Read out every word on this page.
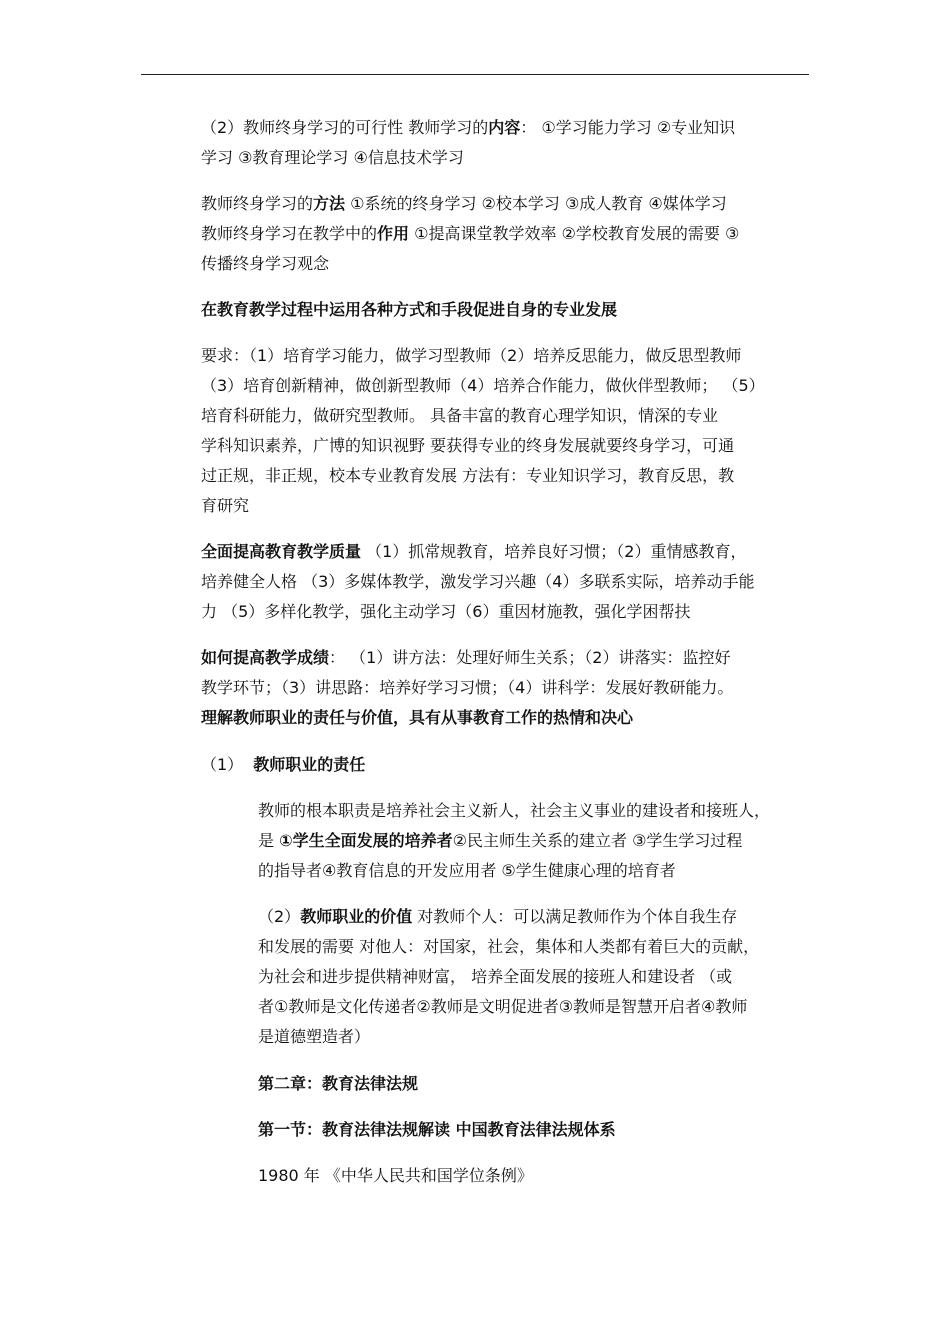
（2）教师终身学习的可行性 教师学习的内容： ①学习能力学习 ②专业知识
学习 ③教育理论学习 ④信息技术学习
教师终身学习的方法 ①系统的终身学习 ②校本学习 ③成人教育 ④媒体学习
教师终身学习在教学中的作用 ①提高课堂教学效率 ②学校教育发展的需要 ③
传播终身学习观念
在教育教学过程中运用各种方式和手段促进自身的专业发展
要求：（1）培育学习能力，做学习型教师（2）培养反思能力，做反思型教师
（3）培育创新精神，做创新型教师（4）培养合作能力，做伙伴型教师； （5）
培育科研能力，做研究型教师。 具备丰富的教育心理学知识，情深的专业
学科知识素养，广博的知识视野 要获得专业的终身发展就要终身学习，可通
过正规，非正规，校本专业教育发展 方法有：专业知识学习，教育反思，教
育研究
全面提高教育教学质量 （1）抓常规教育，培养良好习惯；（2）重情感教育，
培养健全人格 （3）多媒体教学，激发学习兴趣（4）多联系实际，培养动手能
力 （5）多样化教学，强化主动学习（6）重因材施教，强化学困帮扶
如何提高教学成绩： （1）讲方法：处理好师生关系；（2）讲落实：监控好
教学环节；（3）讲思路：培养好学习习惯；（4）讲科学：发展好教研能力。
理解教师职业的责任与价值，具有从事教育工作的热情和决心
（1） 教师职业的责任
教师的根本职责是培养社会主义新人，社会主义事业的建设者和接班人，
是 ①学生全面发展的培养者②民主师生关系的建立者 ③学生学习过程
的指导者④教育信息的开发应用者 ⑤学生健康心理的培育者
（2）教师职业的价值 对教师个人：可以满足教师作为个体自我生存
和发展的需要 对他人：对国家，社会，集体和人类都有着巨大的贡献，
为社会和进步提供精神财富， 培养全面发展的接班人和建设者 （或
者①教师是文化传递者②教师是文明促进者③教师是智慧开启者④教师
是道德塑造者）
第二章：教育法律法规
第一节：教育法律法规解读 中国教育法律法规体系
1980 年 《中华人民共和国学位条例》
